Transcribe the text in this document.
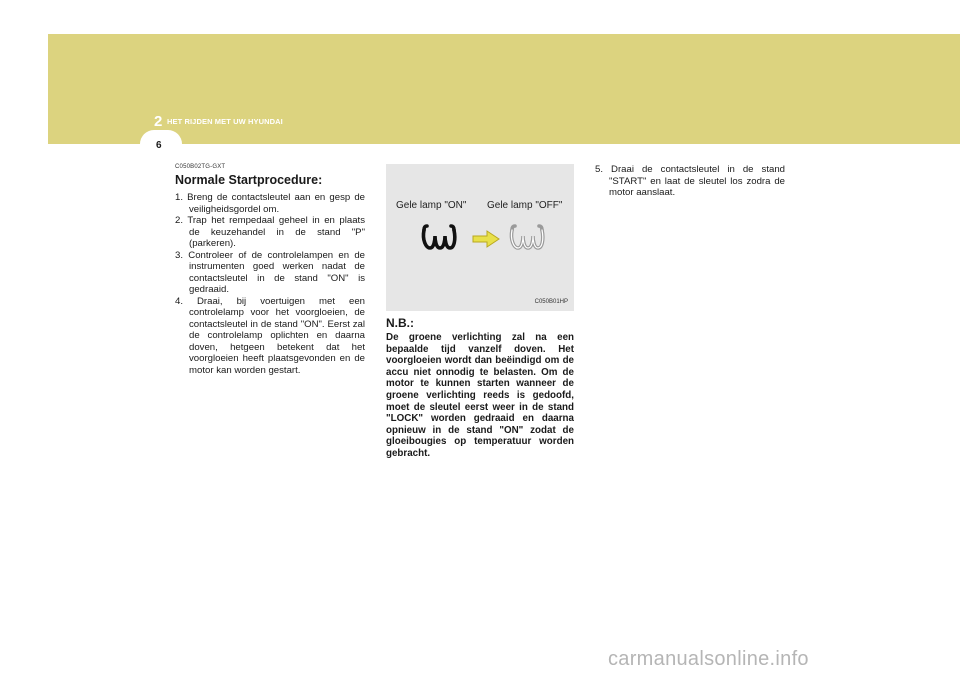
2 HET RIJDEN MET UW HYUNDAI
6
C050B02TG-GXT
Normale Startprocedure:
1. Breng de contactsleutel aan en gesp de veiligheidsgordel om.
2. Trap het rempedaal geheel in en plaats de keuzehandel in de stand "P" (parkeren).
3. Controleer of de controlelampen en de instrumenten goed werken nadat de contactsleutel in de stand "ON" is gedraaid.
4. Draai, bij voertuigen met een controlelamp voor het voorgloeien, de contactsleutel in de stand "ON". Eerst zal de controlelamp oplichten en daarna doven, hetgeen betekent dat het voorgloeien heeft plaatsgevonden en de motor kan worden gestart.
Gele lamp "ON" Gele lamp "OFF"
C050B01HP
N.B.:
De groene verlichting zal na een bepaalde tijd vanzelf doven. Het voorgloeien wordt dan beëindigd om de accu niet onnodig te belasten. Om de motor te kunnen starten wanneer de groene verlichting reeds is gedoofd, moet de sleutel eerst weer in de stand "LOCK" worden gedraaid en daarna opnieuw in de stand "ON" zodat de gloeibougies op temperatuur worden gebracht.
5. Draai de contactsleutel in de stand "START" en laat de sleutel los zodra de motor aanslaat.
carmanualsonline.info
